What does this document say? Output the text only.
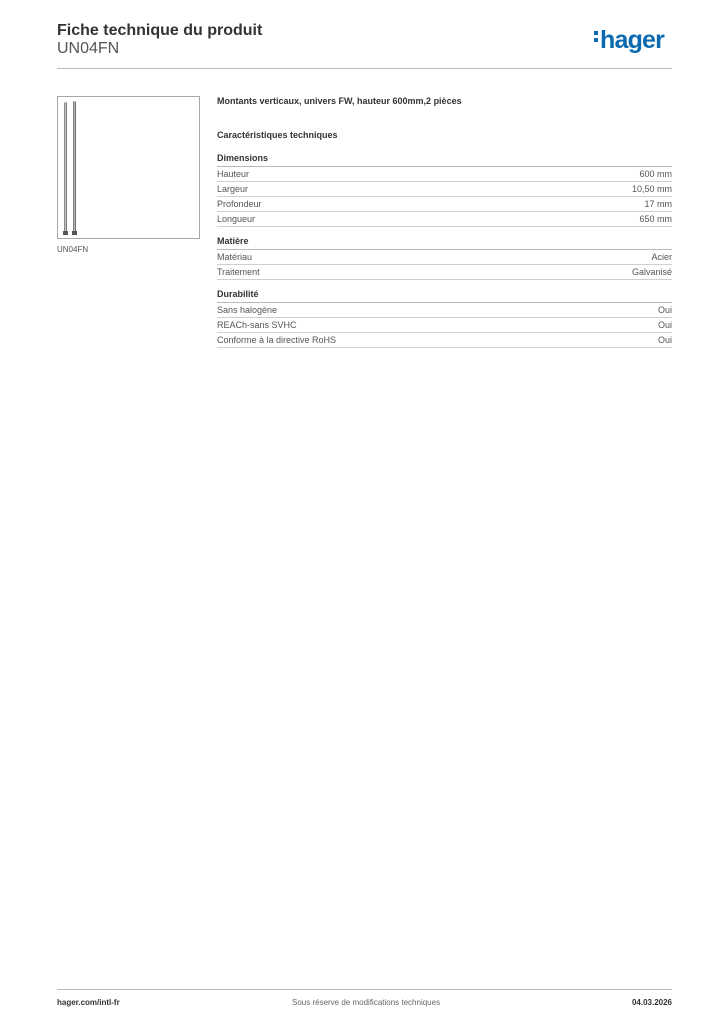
Fiche technique du produit
UN04FN	hager
UN04FN
Montants verticaux, univers FW, hauteur 600mm,2 pièces
Caractéristiques techniques
Dimensions
Hauteur	600 mm
Largeur	10,50 mm
Profondeur	17 mm
Longueur	650 mm
Matière
Matériau	Acier
Traitement	Galvanisé
Durabilité
Sans halogène	Oui
REACh-sans SVHC	Oui
Conforme à la directive RoHS	Oui
hager.com/intl-fr	Sous réserve de modifications techniques	04.03.2026
